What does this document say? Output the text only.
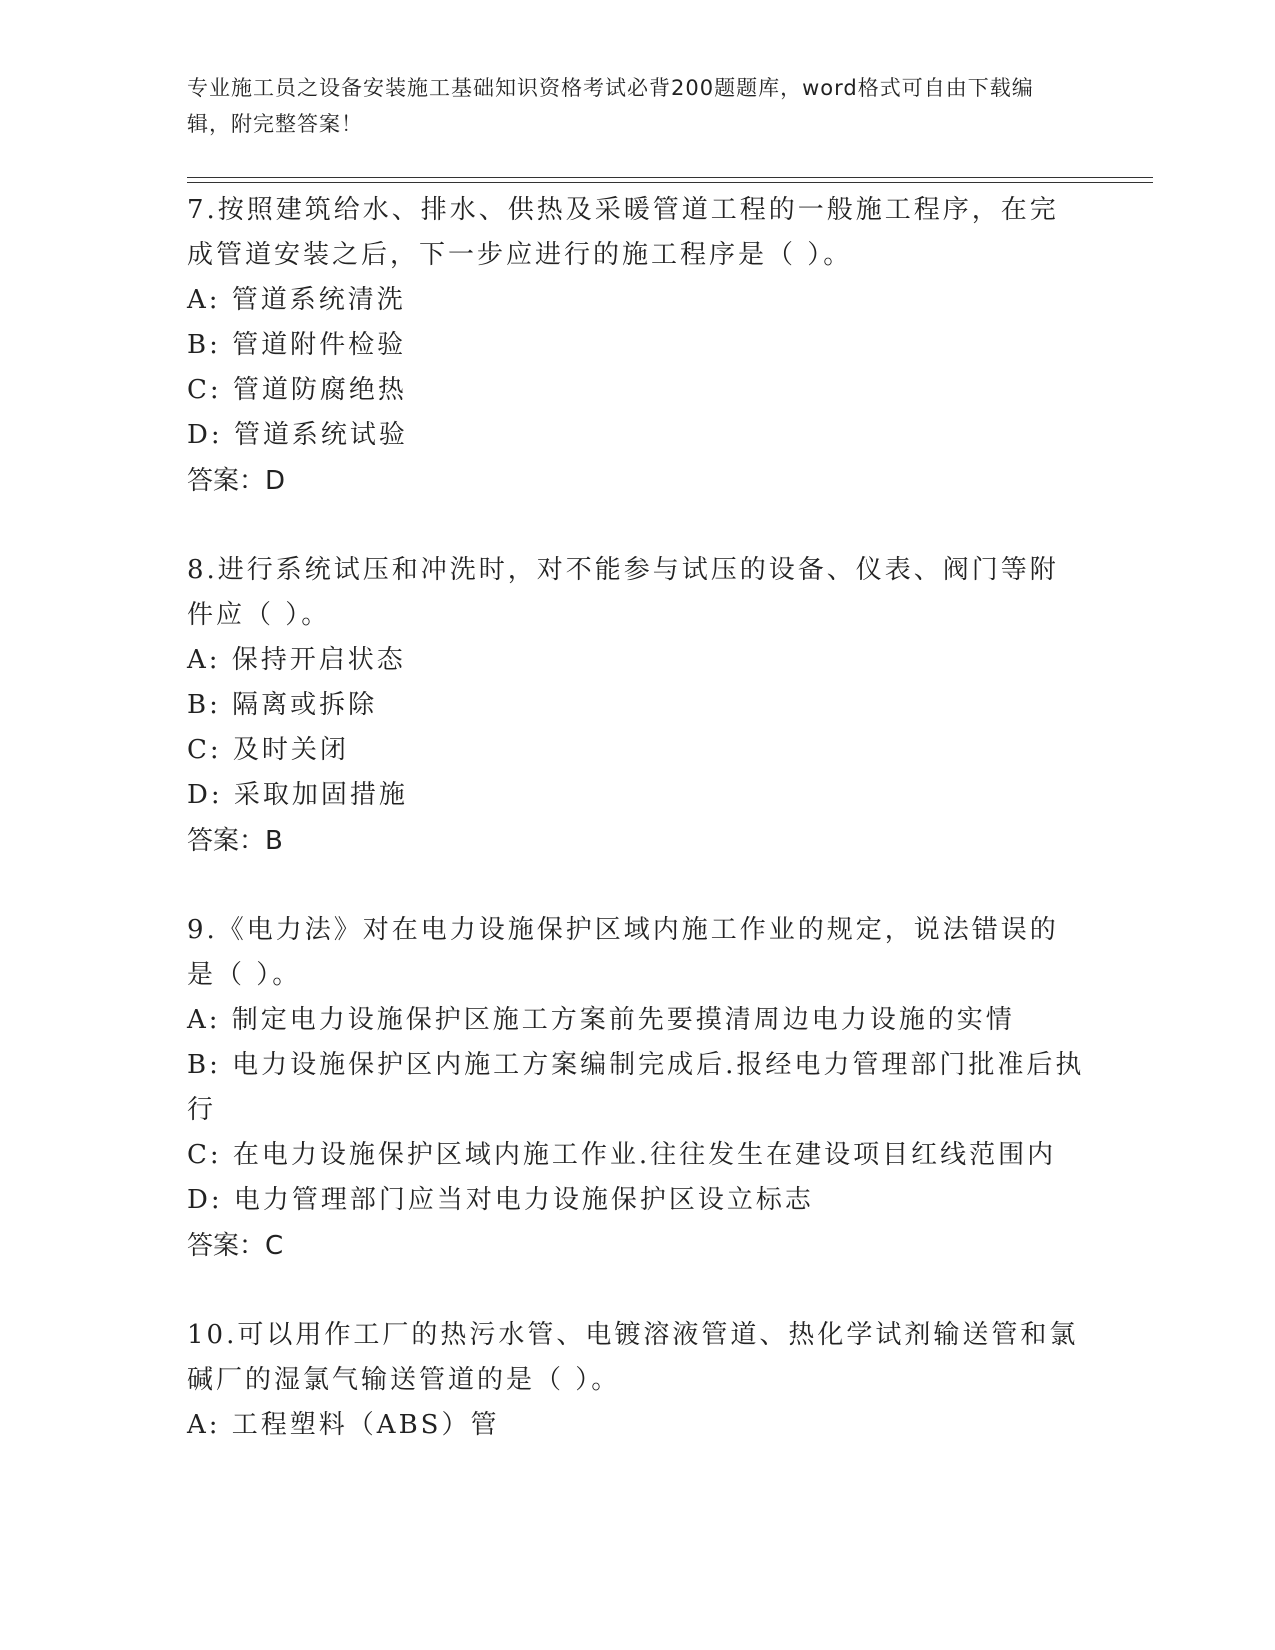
专业施工员之设备安装施工基础知识资格考试必背200题题库，word格式可自由下载编辑，附完整答案！

7.按照建筑给水、排水、供热及采暖管道工程的一般施工程序，在完成管道安装之后，下一步应进行的施工程序是（ ）。

A: 管道系统清洗

B: 管道附件检验

C: 管道防腐绝热

D: 管道系统试验

答案：D

8.进行系统试压和冲洗时，对不能参与试压的设备、仪表、阀门等附件应（ ）。

A: 保持开启状态

B: 隔离或拆除

C: 及时关闭

D: 采取加固措施

答案：B

9.《电力法》对在电力设施保护区域内施工作业的规定，说法错误的是（ ）。

A: 制定电力设施保护区施工方案前先要摸清周边电力设施的实情

B: 电力设施保护区内施工方案编制完成后.报经电力管理部门批准后执行

C: 在电力设施保护区域内施工作业.往往发生在建设项目红线范围内

D: 电力管理部门应当对电力设施保护区设立标志

答案：C

10.可以用作工厂的热污水管、电镀溶液管道、热化学试剂输送管和氯碱厂的湿氯气输送管道的是（ ）。

A: 工程塑料（ABS）管
